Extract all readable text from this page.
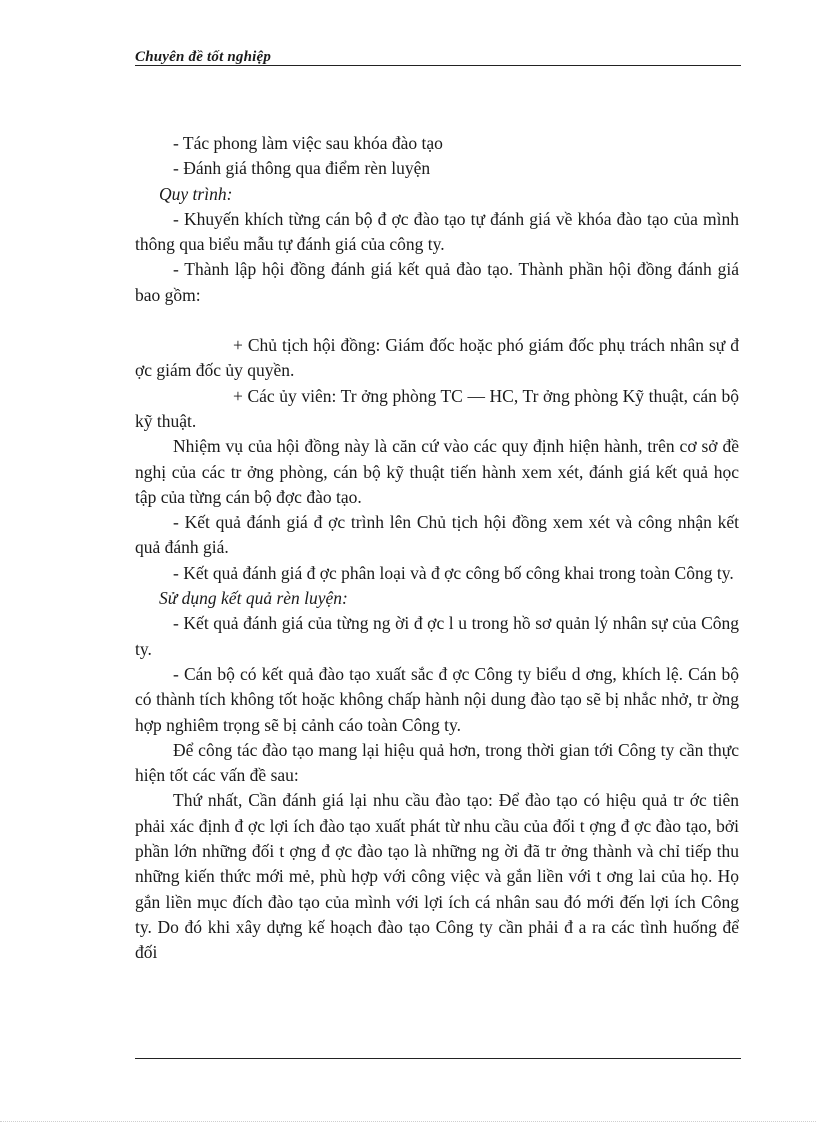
Chuyên đề tốt nghiệp

- Tác phong làm việc sau khóa đào tạo

- Đánh giá thông qua điểm rèn luyện

Quy trình:

- Khuyến khích từng cán bộ đ ợc đào tạo tự đánh giá về khóa đào tạo của mình thông qua biểu mẫu tự đánh giá của công ty.

- Thành lập hội đồng đánh giá kết quả đào tạo. Thành phần hội đồng đánh giá bao gồm:

+ Chủ tịch hội đồng: Giám đốc hoặc phó giám đốc phụ trách nhân sự đ ợc giám đốc ủy quyền.

+ Các ủy viên: Tr ởng phòng TC — HC, Tr ởng phòng Kỹ thuật, cán bộ kỹ thuật.

Nhiệm vụ của hội đồng này là căn cứ vào các quy định hiện hành, trên cơ sở đề nghị của các tr ởng phòng, cán bộ kỹ thuật tiến hành xem xét, đánh giá kết quả học tập của từng cán bộ đợc đào tạo.

- Kết quả đánh giá đ ợc trình lên Chủ tịch hội đồng xem xét và công nhận kết quả đánh giá.

- Kết quả đánh giá đ ợc phân loại và đ ợc công bố công khai trong toàn Công ty.

Sử dụng kết quả rèn luyện:

- Kết quả đánh giá của từng ng ời đ ợc l u trong hồ sơ quản lý nhân sự của Công ty.

- Cán bộ có kết quả đào tạo xuất sắc đ ợc Công ty biểu d ơng, khích lệ. Cán bộ có thành tích không tốt hoặc không chấp hành nội dung đào tạo sẽ bị nhắc nhở, tr ờng hợp nghiêm trọng sẽ bị cảnh cáo toàn Công ty.

Để công tác đào tạo mang lại hiệu quả hơn, trong thời gian tới Công ty cần thực hiện tốt các vấn đề sau:

Thứ nhất, Cần đánh giá lại nhu cầu đào tạo: Để đào tạo có hiệu quả tr ớc tiên phải xác định đ ợc lợi ích đào tạo xuất phát từ nhu cầu của đối t ợng đ ợc đào tạo, bởi phần lớn những đối t ợng đ ợc đào tạo là những ng ời đã tr ởng thành và chỉ tiếp thu những kiến thức mới mẻ, phù hợp với công việc và gắn liền với t ơng lai của họ. Họ gắn liền mục đích đào tạo của mình với lợi ích cá nhân sau đó mới đến lợi ích Công ty. Do đó khi xây dựng kế hoạch đào tạo Công ty cần phải đ a ra các tình huống để đối
